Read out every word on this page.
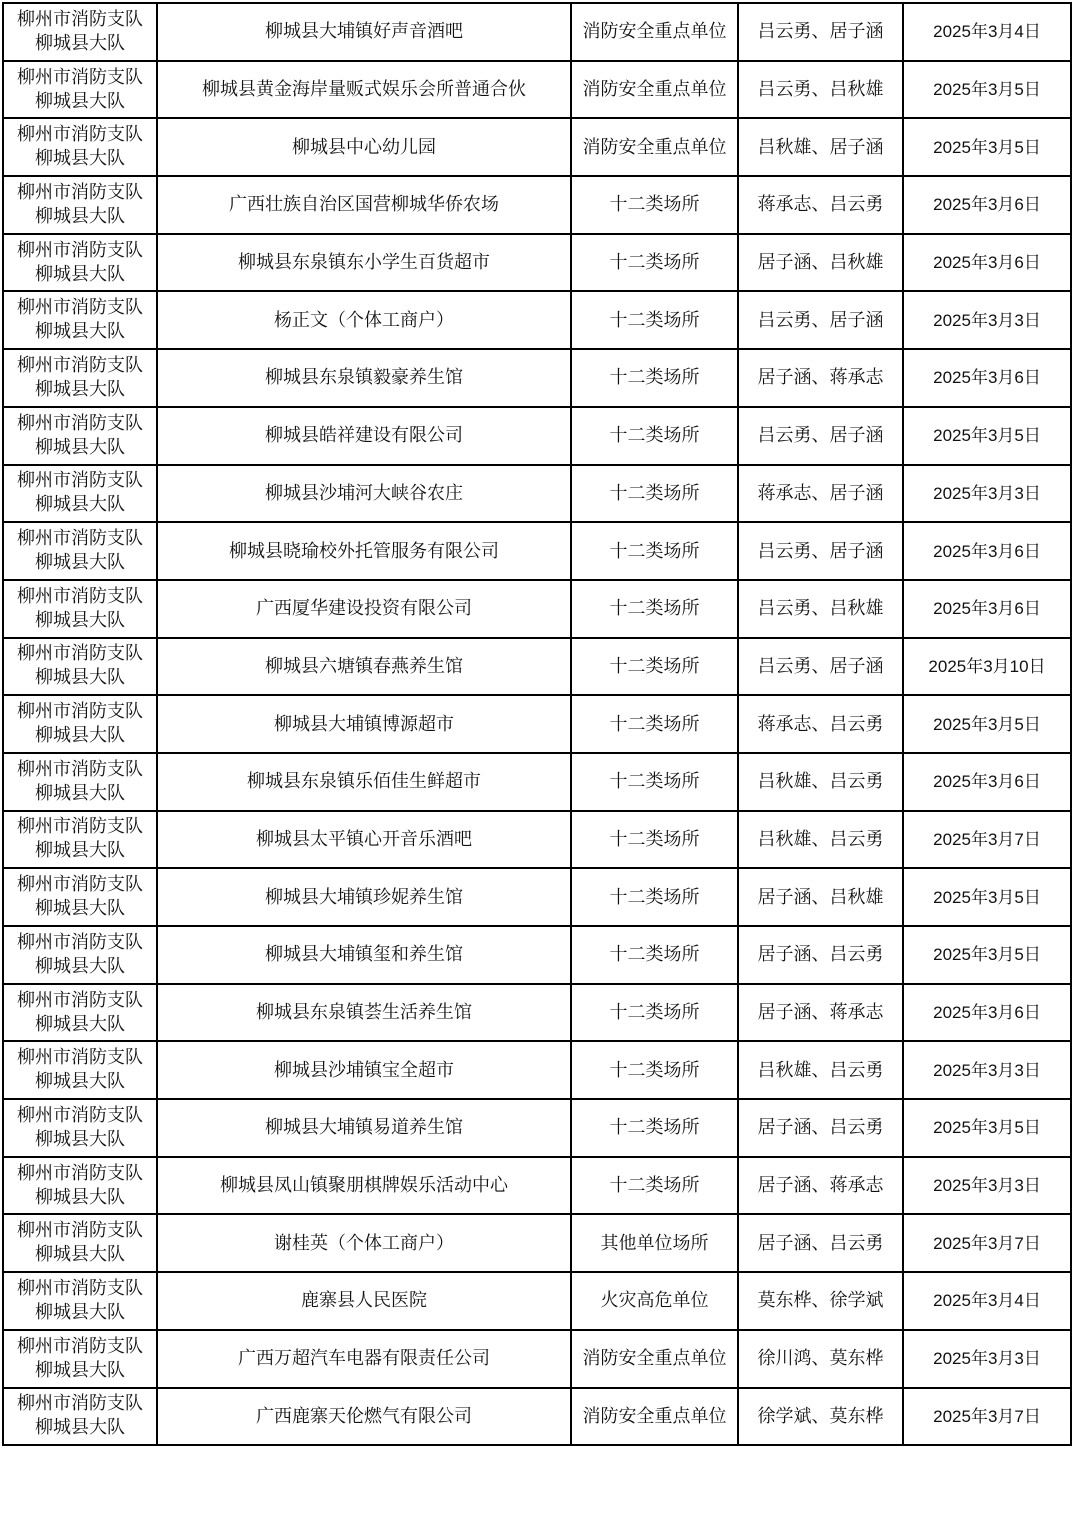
柳州市消防支队
柳城县大队	柳城县大埔镇好声音酒吧	消防安全重点单位	吕云勇、居子涵	2025年3月4日

柳州市消防支队
柳城县大队	柳城县黄金海岸量贩式娱乐会所普通合伙	消防安全重点单位	吕云勇、吕秋雄	2025年3月5日

柳州市消防支队
柳城县大队	柳城县中心幼儿园	消防安全重点单位	吕秋雄、居子涵	2025年3月5日

柳州市消防支队
柳城县大队	广西壮族自治区国营柳城华侨农场	十二类场所	蒋承志、吕云勇	2025年3月6日

柳州市消防支队
柳城县大队	柳城县东泉镇东小学生百货超市	十二类场所	居子涵、吕秋雄	2025年3月6日

柳州市消防支队
柳城县大队	杨正文（个体工商户）	十二类场所	吕云勇、居子涵	2025年3月3日

柳州市消防支队
柳城县大队	柳城县东泉镇毅豪养生馆	十二类场所	居子涵、蒋承志	2025年3月6日

柳州市消防支队
柳城县大队	柳城县皓祥建设有限公司	十二类场所	吕云勇、居子涵	2025年3月5日

柳州市消防支队
柳城县大队	柳城县沙埔河大峡谷农庄	十二类场所	蒋承志、居子涵	2025年3月3日

柳州市消防支队
柳城县大队	柳城县晓瑜校外托管服务有限公司	十二类场所	吕云勇、居子涵	2025年3月6日

柳州市消防支队
柳城县大队	广西厦华建设投资有限公司	十二类场所	吕云勇、吕秋雄	2025年3月6日

柳州市消防支队
柳城县大队	柳城县六塘镇春燕养生馆	十二类场所	吕云勇、居子涵	2025年3月10日

柳州市消防支队
柳城县大队	柳城县大埔镇博源超市	十二类场所	蒋承志、吕云勇	2025年3月5日

柳州市消防支队
柳城县大队	柳城县东泉镇乐佰佳生鲜超市	十二类场所	吕秋雄、吕云勇	2025年3月6日

柳州市消防支队
柳城县大队	柳城县太平镇心开音乐酒吧	十二类场所	吕秋雄、吕云勇	2025年3月7日

柳州市消防支队
柳城县大队	柳城县大埔镇珍妮养生馆	十二类场所	居子涵、吕秋雄	2025年3月5日

柳州市消防支队
柳城县大队	柳城县大埔镇玺和养生馆	十二类场所	居子涵、吕云勇	2025年3月5日

柳州市消防支队
柳城县大队	柳城县东泉镇荟生活养生馆	十二类场所	居子涵、蒋承志	2025年3月6日

柳州市消防支队
柳城县大队	柳城县沙埔镇宝全超市	十二类场所	吕秋雄、吕云勇	2025年3月3日

柳州市消防支队
柳城县大队	柳城县大埔镇易道养生馆	十二类场所	居子涵、吕云勇	2025年3月5日

柳州市消防支队
柳城县大队	柳城县凤山镇聚朋棋牌娱乐活动中心	十二类场所	居子涵、蒋承志	2025年3月3日

柳州市消防支队
柳城县大队	谢桂英（个体工商户）	其他单位场所	居子涵、吕云勇	2025年3月7日

柳州市消防支队
柳城县大队	鹿寨县人民医院	火灾高危单位	莫东桦、徐学斌	2025年3月4日

柳州市消防支队
柳城县大队	广西万超汽车电器有限责任公司	消防安全重点单位	徐川鸿、莫东桦	2025年3月3日

柳州市消防支队
柳城县大队	广西鹿寨天伦燃气有限公司	消防安全重点单位	徐学斌、莫东桦	2025年3月7日
